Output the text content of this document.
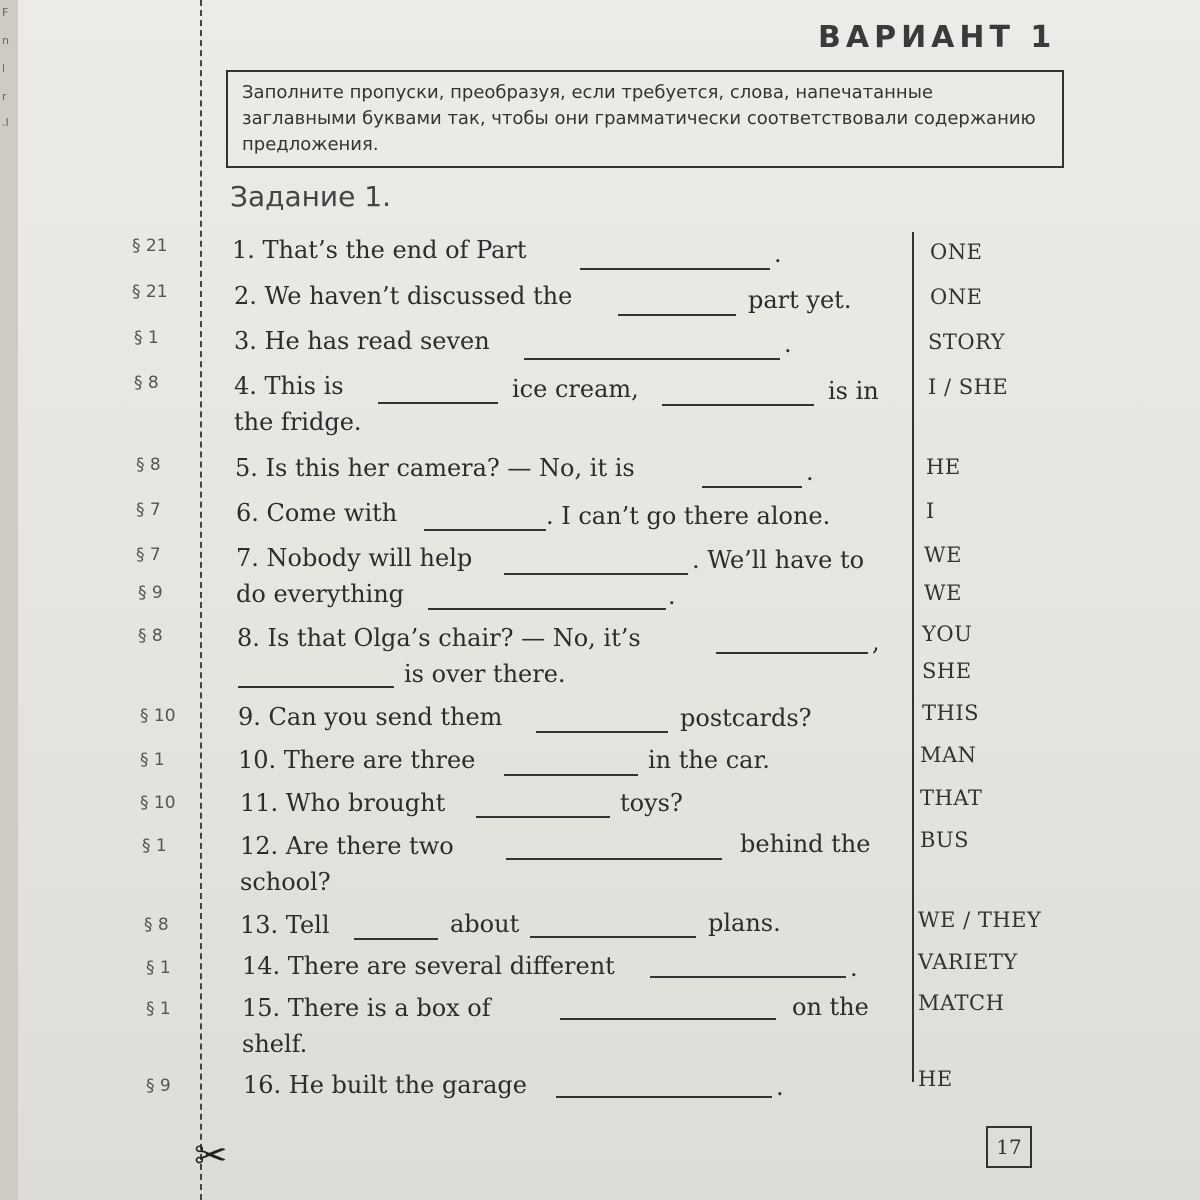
F
n
l
r
.I
✂
ВАРИАНТ 1
Заполните пропуски, преобразуя, если требуется, слова, напечатанные заглавными буквами так, чтобы они грамматически соответствовали содержанию предложения.
Задание 1.
§ 21
§ 21
§ 1
§ 8
§ 8
§ 7
§ 7
§ 9
§ 8
§ 10
§ 1
§ 10
§ 1
§ 8
§ 1
§ 1
§ 9
1. That’s the end of Part	.
2. We haven’t discussed the	part yet.
3. He has read seven	.
4. This is	ice cream,	is in
the fridge.
5. Is this her camera? — No, it is	.
6. Come with	. I can’t go there alone.
7. Nobody will help	. We’ll have to
do everything	.
8. Is that Olga’s chair? — No, it’s	,
is over there.
9. Can you send them	postcards?
10. There are three	in the car.
11. Who brought	toys?
12. Are there two	behind the
school?
13. Tell	about	plans.
14. There are several different	.
15. There is a box of	on the
shelf.
16. He built the garage	.
ONE
ONE
STORY
I / SHE
HE
I
WE
WE
YOU
SHE
THIS
MAN
THAT
BUS
WE / THEY
VARIETY
MATCH
HE
17
